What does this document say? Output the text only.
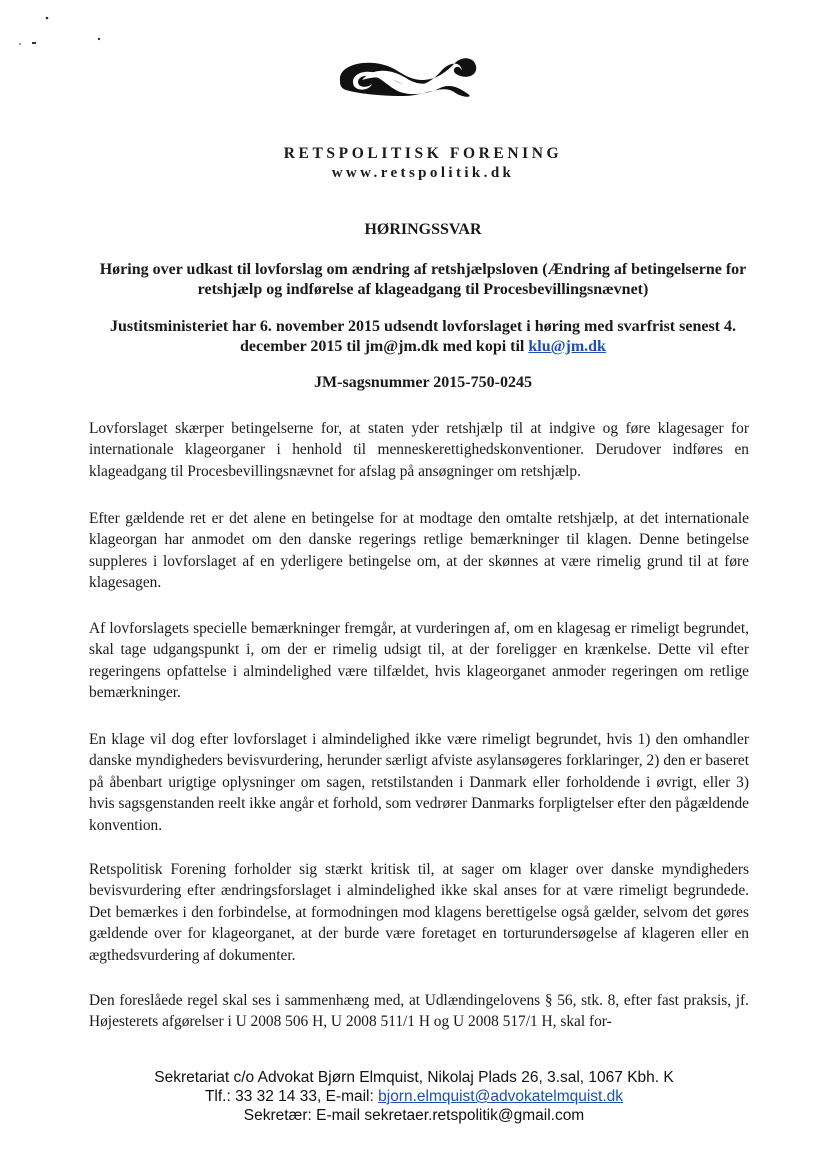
RETSPOLITISK FORENING
www.retspolitik.dk
HØRINGSSVAR
Høring over udkast til lovforslag om ændring af retshjælpsloven (Ændring af betingelserne for retshjælp og indførelse af klageadgang til Procesbevillingsnævnet)
Justitsministeriet har 6. november 2015 udsendt lovforslaget i høring med svarfrist senest 4. december 2015 til jm@jm.dk med kopi til klu@jm.dk
JM-sagsnummer 2015-750-0245
Lovforslaget skærper betingelserne for, at staten yder retshjælp til at indgive og føre klagesager for internationale klageorganer i henhold til menneskerettighedskonventioner. Derudover indføres en klageadgang til Procesbevillingsnævnet for afslag på ansøgninger om retshjælp.
Efter gældende ret er det alene en betingelse for at modtage den omtalte retshjælp, at det internationale klageorgan har anmodet om den danske regerings retlige bemærkninger til klagen. Denne betingelse suppleres i lovforslaget af en yderligere betingelse om, at der skønnes at være rimelig grund til at føre klagesagen.
Af lovforslagets specielle bemærkninger fremgår, at vurderingen af, om en klagesag er rimeligt begrundet, skal tage udgangspunkt i, om der er rimelig udsigt til, at der foreligger en krænkelse. Dette vil efter regeringens opfattelse i almindelighed være tilfældet, hvis klageorganet anmoder regeringen om retlige bemærkninger.
En klage vil dog efter lovforslaget i almindelighed ikke være rimeligt begrundet, hvis 1) den omhandler danske myndigheders bevisvurdering, herunder særligt afviste asylansøgeres forklaringer, 2) den er baseret på åbenbart urigtige oplysninger om sagen, retstilstanden i Danmark eller forholdende i øvrigt, eller 3) hvis sagsgenstanden reelt ikke angår et forhold, som vedrører Danmarks forpligtelser efter den pågældende konvention.
Retspolitisk Forening forholder sig stærkt kritisk til, at sager om klager over danske myndigheders bevisvurdering efter ændringsforslaget i almindelighed ikke skal anses for at være rimeligt begrundede. Det bemærkes i den forbindelse, at formodningen mod klagens berettigelse også gælder, selvom det gøres gældende over for klageorganet, at der burde være foretaget en torturundersøgelse af klageren eller en ægthedsvurdering af dokumenter.
Den foreslåede regel skal ses i sammenhæng med, at Udlændingelovens § 56, stk. 8, efter fast praksis, jf. Højesterets afgørelser i U 2008 506 H, U 2008 511/1 H og U 2008 517/1 H, skal for-
Sekretariat c/o Advokat Bjørn Elmquist, Nikolaj Plads 26, 3.sal, 1067 Kbh. K
Tlf.: 33 32 14 33, E-mail: bjorn.elmquist@advokatelmquist.dk
Sekretær: E-mail sekretaer.retspolitik@gmail.com
